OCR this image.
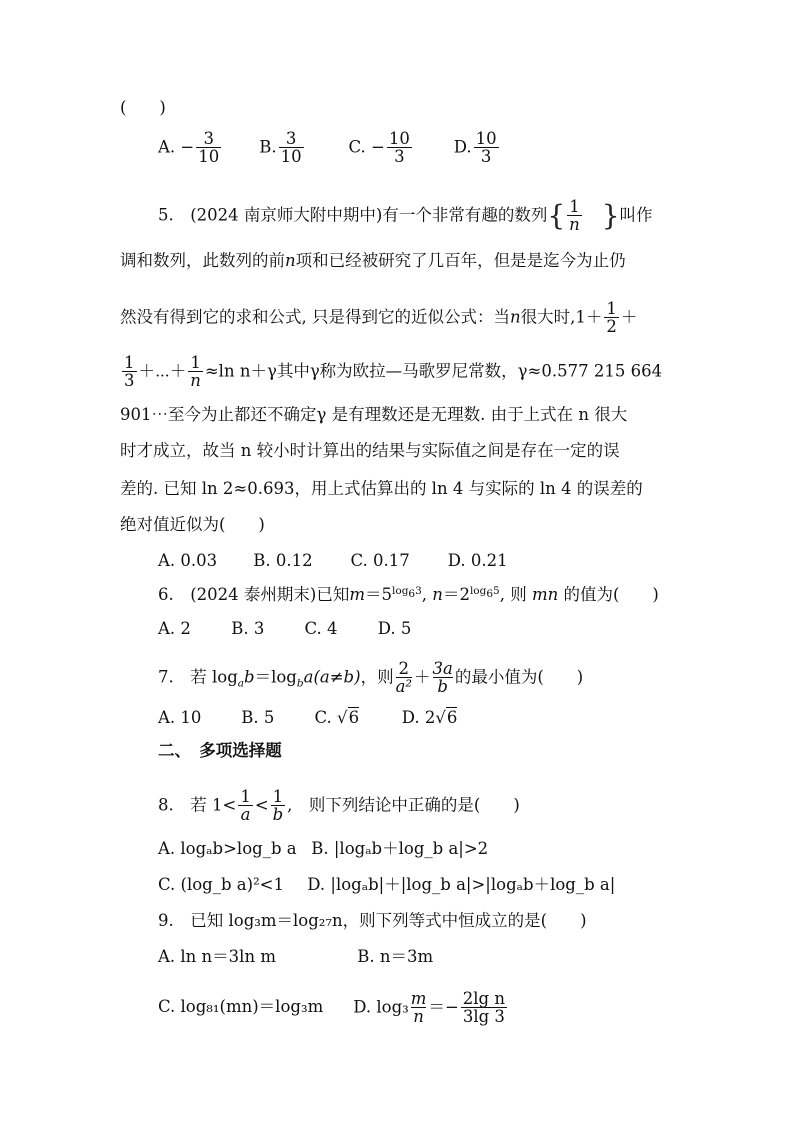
(　　)
A. − $\frac{3}{10} B$. $\frac{3}{10}$	C. − $\frac{10}{3}$	D. $\frac{10}{3}$
5.　(2024 南京师大附中期中)有一个非常有趣的数列{ $\frac{1}{n}$ }叫作
调和数列，此数列的前n项和已经被研究了几百年，但是是迄今为止仍
然没有得到它的求和公式, 只是得到它的近似公式：当n很大时$,1+ \frac{1}{2}$ ＋
$\frac{1}{3}$ ＋⋯＋ $\frac{1}{n} \approx\ln$ n＋γ其中γ称为欧拉—马歌罗尼常数，γ≈0.577 215 664
901⋯至今为止都还不确定γ 是有理数还是无理数. 由于上式在 n 很大
时才成立，故当 n 较小时计算出的结果与实际值之间是存在一定的误
差的. 已知 ln 2≈0.693，用上式估算出的 ln 4 与实际的 ln 4 的误差的
绝对值近似为(　　)
A. 0.03 B. 0.12 C. 0.17 D. 0.21
6.　(2024 泰州期末)已知$m=5^{log_63}$, $n=2^{log_65}$, 则 mn 的值为(　　)
A. 2 B. 3 C. 4 D. 5
7.　若 $\log_ab=\log_ba(a\ne b)$，则 $\frac{2}{\text{a²}} + \frac{3a}{b}$ 的最小值为(　　)
A. 10 B. 5 C. √6	D. 2√6
二、　多项选择题
8.　若 $1< \frac{1}{a} < \frac{1}{b}$ ,　则下列结论中正确的是(　　)
A. logₐb>log_b a B. |logₐb＋log_b a|>2
C. (log_b a)²<1 D. |logₐb|＋|log_b a|>|logₐb＋log_b a|
9.　已知 log₃m＝log₂₇n，则下列等式中恒成立的是(　　)
A. ln n＝3ln m	B. n＝3m
C. log₈₁(mn)＝log₃m D. $\log_3 \frac{m}{n} =- \frac{\text{2lg n}}{3\lg 3}$
